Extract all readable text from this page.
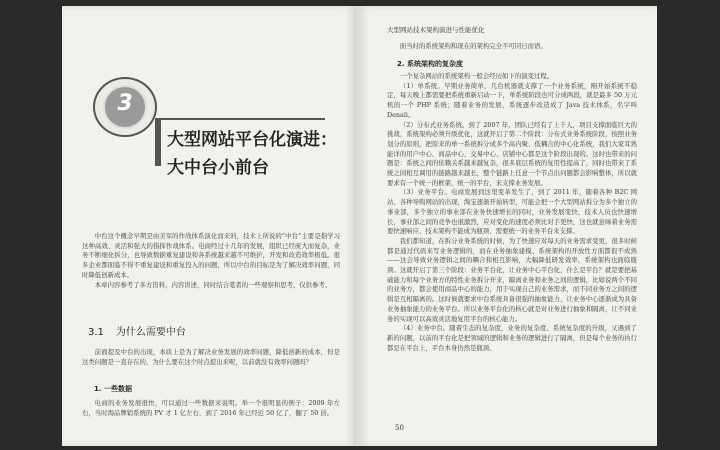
3
大型网站平台化演进：
大中台小前台

中台这个概念早期是由美军的作战体系演化而来的，技术上所说的“中台”主要是指学习这种高效、灵活和强大的指挥作战体系。电商经过十几年的发展，组织已经庞大而复杂，业务不断细化拆分，也导致数据重复建设和各系统越来越不可维护，开发和改造效率极低。很多企业都面临不得不重复建设和重复投入的问题，所以中台的目标是为了解决效率问题，同时降低创新成本。

本章内容参考了多方资料，内容讲述，同时结合笔者的一些观察和思考，仅供参考。

3.1 为什么需要中台

前面提及中台的出现，本质上是为了解决业务发展的效率问题，降低创新的成本，但是这类问题是一直存在的，为什么要在这个时点提出来呢，以前就没有效率问题吗？

1. 一些数据

电商的业务发展很快，可以通过一些数据来说明。举一个很明显的例子：2009 年左右，当时淘品牌销系统的 PV 才 1 亿左右，到了 2016 年已经近 50 亿了，翻了 50 倍。

大型网站技术架构演进与性能优化

面当时的系统架构和现在的架构完全不可同日而语。

2. 系统架构的复杂度

一个复杂网站的系统架构一般会经历如下的演变过程。

（1）单系统。早期业务简单，几台机器就支撑了一个业务系统，刚开始系统不稳定，每天晚上都需要把系统重新启动一下，单系统阶段也可分成两段，就是最多 50 万元机的一个 PHP 系统；随着业务的发展，系统逐步改造成了 Java 技术体系，名字叫 Denali。

（2）分布式业务系统。到了 2007 年，团队已经有了上千人，项目支撑面临巨大的挑战，系统架构必须升级优化，这就开启了第二个阶段：分布式业务系统阶段，按照业务划分的原则，把原来的单一系统拆分成多个高内聚、低耦合的中心化系统，我们大家耳熟能详的用户中心、商品中心、交易中心、店铺中心都是这个阶段出现的。这时也带来的问题是：系统之间的依赖关系越来越复杂，很多底层系统的复用性提高了，同时也带来了系统之间相互调用的链路越来越长，整个链路上任意一个节点出问题都会影响整体，所以就要求有一个统一的框架、统一的平台，来支撑业务发展。

（3）业务平台。电商发展到这里变革发生了，到了 2011 年，随着各种 B2C 网站、各种导购网站的出现，淘宝逐渐开始转型，可能会把一个大型网站拆分为多个独立的事业部，多个独立的事业部在业务快速增长的同时，业务发展变快，技术人员也快速增长，事业部之间的竞争也很激烈，应对变化的速度必须比对手更快，这也就意味着业务需要快速响应，技术架构不能成为瓶颈，需要统一的业务平台来支撑。

我们都知道，在拆分业务系统的时候，为了快速应对每天的业务需求变更，很多时候都是通过代码来写业务逻辑的，而在业务抽象建模、系统架构的开放性方面都很不成熟——这会导致业务逻辑之间的耦合和相互影响，大幅降低研发效率，系统架构也面临瓶颈。这就开启了第三个阶段：业务平台化，让业务中心平台化，什么是平台？就是要把基础能力和每个业务方的特性业务拆分开来，隔离业务和业务之间的逻辑，比如说两个不同的业务方，都会使用商品中心的能力，用于实现自己的业务需求，而不同业务方之间的逻辑是互相隔离的。这时候就要求中台系统具备很强的抽象能力，让业务中心逐渐成为具备业务抽象能力的业务平台。所以业务平台化的核心就是对业务进行抽象和隔离，让不同业务的实现可以高效灵活地复用平台的核心能力。

（4）业务中台。随着生态的复杂度，业务的复杂度、系统复杂度的升级，又遇到了新的问题，以前的平台化是把领域的逻辑和业务的逻辑进行了隔离，但是每个业务的执行都是在平台上，平台本身仍然是瓶颈。

50
